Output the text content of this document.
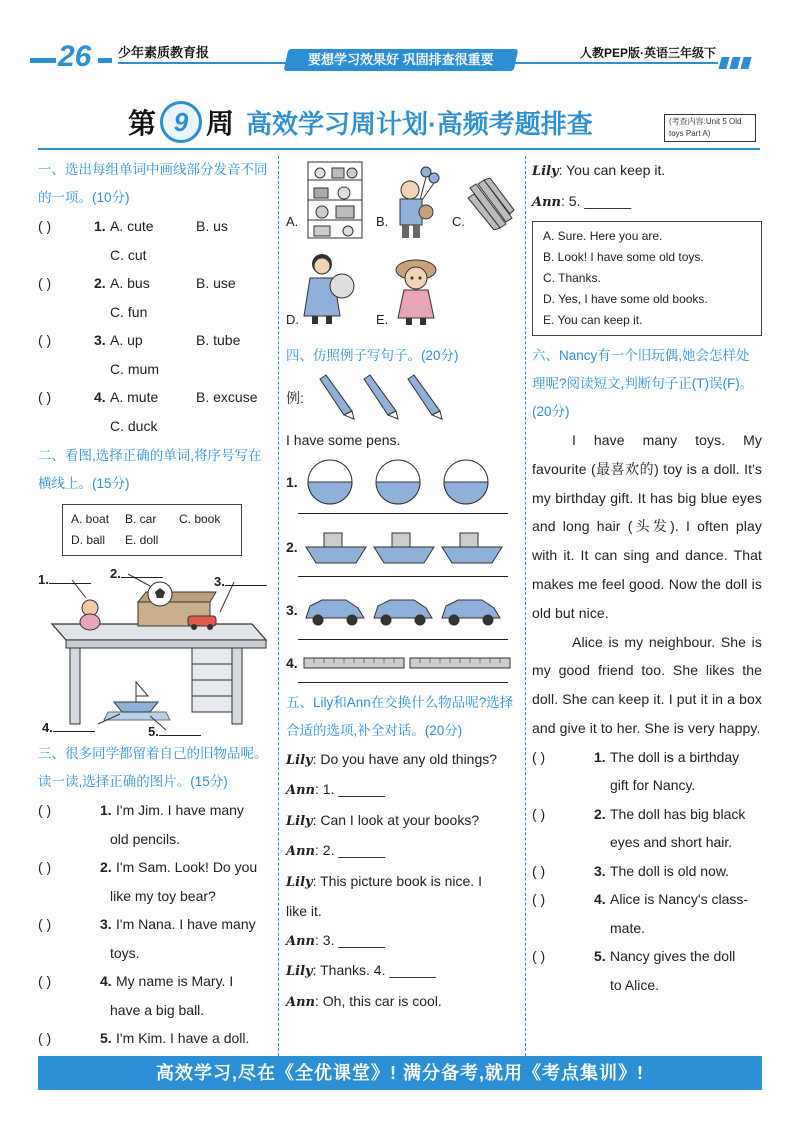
26 少年素质教育报	要想学习效果好 巩固排查很重要	人教PEP版·英语三年级下
第 9 周 高效学习周计划·高频考题排查	(考查内容:Unit 5 Old toys Part A)
一、选出每组单词中画线部分发音不同的一项。(10分)
( )	1. A. cute	B. us
C. cut
( )	2. A. bus	B. use
C. fun
( )	3. A. up	B. tube
C. mum
( )	4. A. mute	B. excuse
C. duck
二、看图,选择正确的单词,将序号写在横线上。(15分)
A. boat	B. car	C. book
D. ball	E. doll
1.	2.
3.
4.	5.
三、很多同学都留着自己的旧物品呢。读一读,选择正确的图片。(15分)
( )	1. I'm Jim. I have many
old pencils.
( )	2. I'm Sam. Look! Do you
like my toy bear?
( )	3. I'm Nana. I have many
toys.
( )	4. My name is Mary. I
have a big ball.
( )	5. I'm Kim. I have a doll.
A.	B.	C.
D.	E.
四、仿照例子写句子。(20分)
例:
I have some pens.
1.
2.
3.
4.
五、Lily和Ann在交换什么物品呢?选择合适的选项,补全对话。(20分)
Lily: Do you have any old things?
Ann: 1. ______
Lily: Can I look at your books?
Ann: 2. ______
Lily: This picture book is nice. I
like it.
Ann: 3. ______
Lily: Thanks. 4. ______
Ann: Oh, this car is cool.
Lily: You can keep it.
Ann: 5. ______
A. Sure. Here you are.
B. Look! I have some old toys.
C. Thanks.
D. Yes, I have some old books.
E. You can keep it.
六、Nancy有一个旧玩偶,她会怎样处理呢?阅读短文,判断句子正(T)误(F)。(20分)

I have many toys. My favourite (最喜欢的) toy is a doll. It's my birthday gift. It has big blue eyes and long hair (头发). I often play with it. It can sing and dance. That makes me feel good. Now the doll is old but nice.

Alice is my neighbour. She is my good friend too. She likes the doll. She can keep it. I put it in a box and give it to her. She is very happy.

( )	1. The doll is a birthday
gift for Nancy.
( )	2. The doll has big black
eyes and short hair.
( )	3. The doll is old now.
( )	4. Alice is Nancy's class-
mate.
( )	5. Nancy gives the doll
to Alice.
高效学习,尽在《全优课堂》! 满分备考,就用《考点集训》!
